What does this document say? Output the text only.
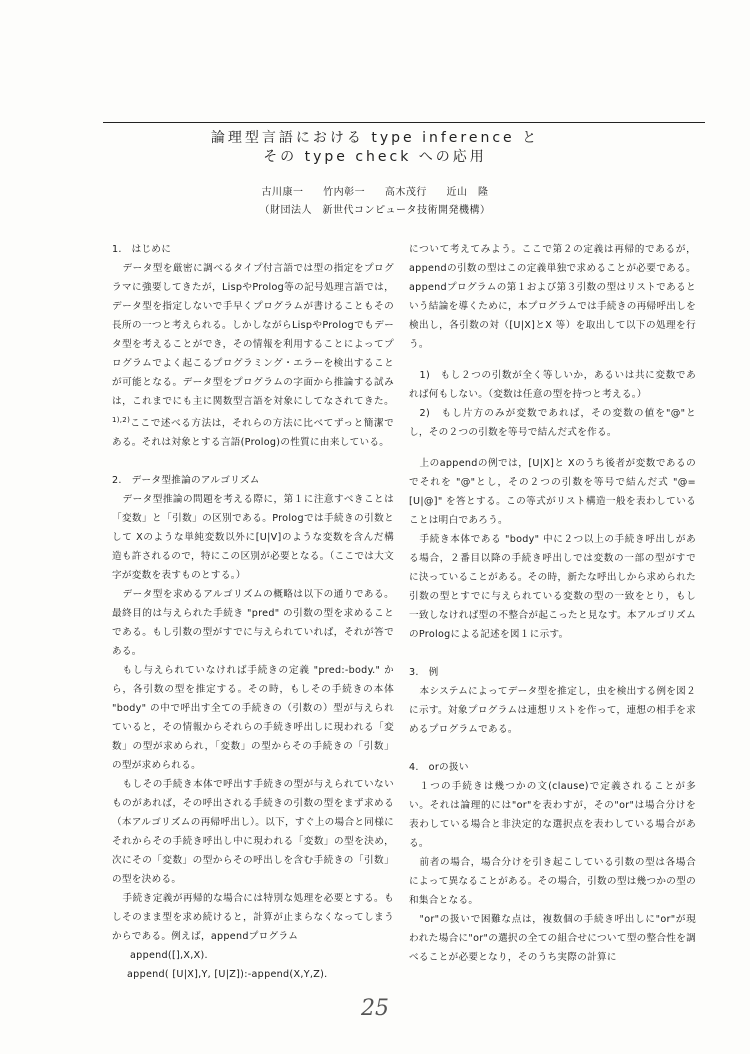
論理型言語における type inference と
その type check への応用
古川康一 竹内彰一 高木茂行 近山　隆
（財団法人　新世代コンピュータ技術開発機構）

1.　はじめに

データ型を厳密に調べるタイプ付言語では型の指定をプログラマに強要してきたが，LispやProlog等の記号処理言語では，データ型を指定しないで手早くプログラムが書けることもその長所の一つと考えられる。しかしながらLispやPrologでもデータ型を考えることができ，その情報を利用することによってプログラムでよく起こるプログラミング・エラーを検出することが可能となる。データ型をプログラムの字面から推論する試みは，これまでにも主に関数型言語を対象にしてなされてきた。$^{1),2)}$ここで述べる方法は，それらの方法に比べてずっと簡潔である。それは対象とする言語(Prolog)の性質に由来している。

2.　データ型推論のアルゴリズム

データ型推論の問題を考える際に，第１に注意すべきことは「変数」と「引数」の区別である。Prologでは手続きの引数として Xのような単純変数以外に[U|V]のような変数を含んだ構造も許されるので，特にこの区別が必要となる。（ここでは大文字が変数を表すものとする。）

データ型を求めるアルゴリズムの概略は以下の通りである。最終目的は与えられた手続き "pred" の引数の型を求めることである。もし引数の型がすでに与えられていれば，それが答である。

もし与えられていなければ手続きの定義 "pred:-body." から，各引数の型を推定する。その時，もしその手続きの本体 "body" の中で呼出す全ての手続きの（引数の）型が与えられていると，その情報からそれらの手続き呼出しに現われる「変数」の型が求められ，「変数」の型からその手続きの「引数」の型が求められる。

もしその手続き本体で呼出す手続きの型が与えられていないものがあれば，その呼出される手続きの引数の型をまず求める（本アルゴリズムの再帰呼出し）。以下，すぐ上の場合と同様にそれからその手続き呼出し中に現われる「変数」の型を決め，次にその「変数」の型からその呼出しを含む手続きの「引数」の型を決める。

手続き定義が再帰的な場合には特別な処理を必要とする。もしそのまま型を求め続けると，計算が止まらなくなってしまうからである。例えば，appendプログラム

append([],X,X).

append( [U|X],Y, [U|Z]):-append(X,Y,Z).

について考えてみよう。ここで第２の定義は再帰的であるが，appendの引数の型はこの定義単独で求めることが必要である。appendプログラムの第１および第３引数の型はリストであるという結論を導くために，本プログラムでは手続きの再帰呼出しを検出し，各引数の対（[U|X]とX 等）を取出して以下の処理を行う。

1)　もし２つの引数が全く等しいか，あるいは共に変数であれば何もしない。（変数は任意の型を持つと考える。）

2)　もし片方のみが変数であれば，その変数の値を"@"とし，その２つの引数を等号で結んだ式を作る。

上のappendの例では，[U|X]と Xのうち後者が変数であるのでそれを "@"とし，その２つの引数を等号で結んだ式 "@=[U|@]" を答とする。この等式がリスト構造一般を表わしていることは明白であろう。

手続き本体である "body" 中に２つ以上の手続き呼出しがある場合，２番目以降の手続き呼出しでは変数の一部の型がすでに決っていることがある。その時，新たな呼出しから求められた引数の型とすでに与えられている変数の型の一致をとり，もし一致しなければ型の不整合が起こったと見なす。本アルゴリズムのPrologによる記述を図１に示す。

3.　例

本システムによってデータ型を推定し，虫を検出する例を図２に示す。対象プログラムは連想リストを作って，連想の相手を求めるプログラムである。

4.　orの扱い

１つの手続きは幾つかの文(clause)で定義されることが多い。それは論理的には"or"を表わすが，その"or"は場合分けを表わしている場合と非決定的な選択点を表わしている場合がある。

前者の場合，場合分けを引き起こしている引数の型は各場合によって異なることがある。その場合，引数の型は幾つかの型の和集合となる。

"or"の扱いで困難な点は，複数個の手続き呼出しに"or"が現われた場合に"or"の選択の全ての組合せについて型の整合性を調べることが必要となり，そのうち実際の計算に

25
